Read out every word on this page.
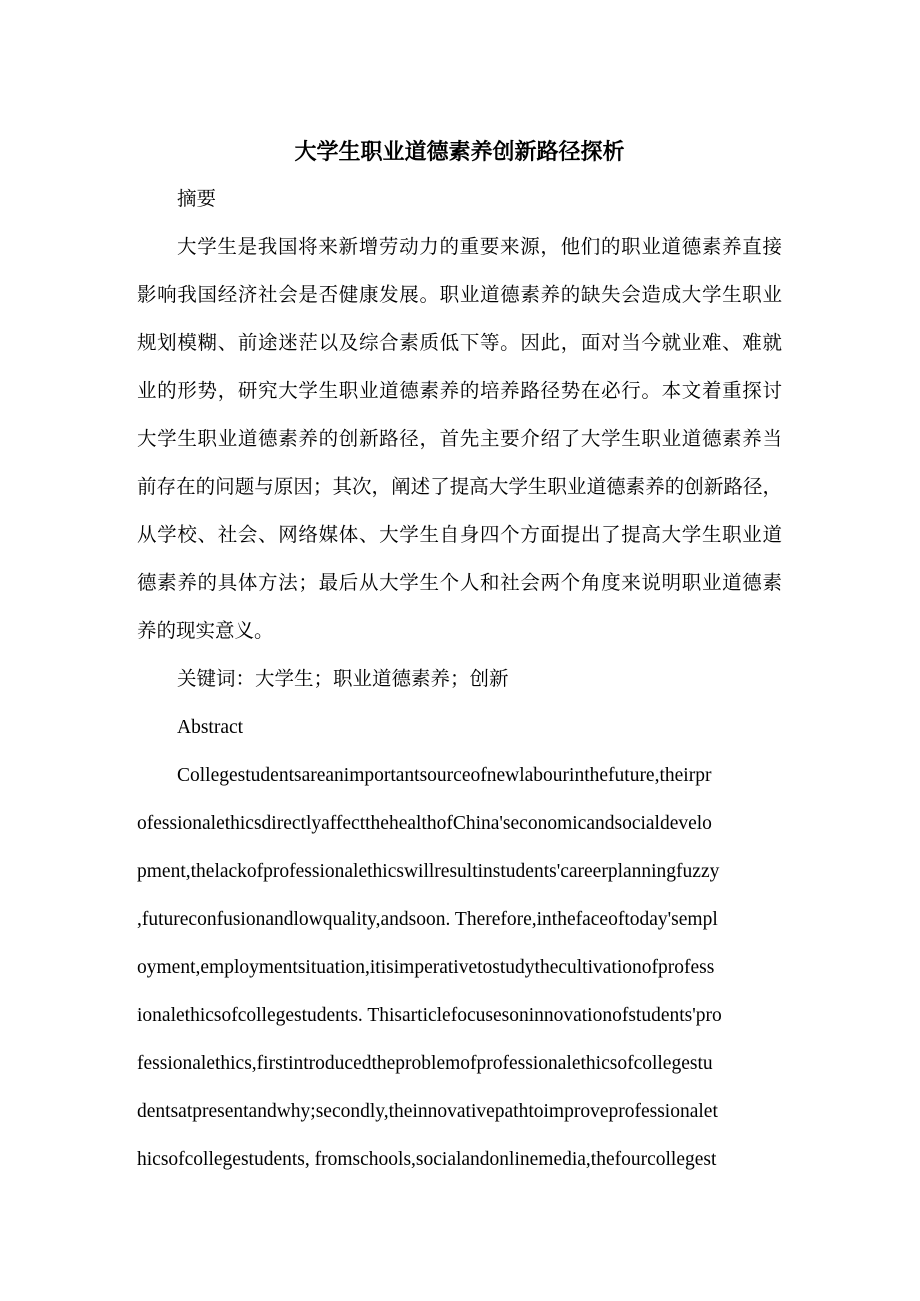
大学生职业道德素养创新路径探析
摘要
大学生是我国将来新增劳动力的重要来源，他们的职业道德素养直接
影响我国经济社会是否健康发展。职业道德素养的缺失会造成大学生职业
规划模糊、前途迷茫以及综合素质低下等。因此，面对当今就业难、难就
业的形势，研究大学生职业道德素养的培养路径势在必行。本文着重探讨
大学生职业道德素养的创新路径，首先主要介绍了大学生职业道德素养当
前存在的问题与原因；其次，阐述了提高大学生职业道德素养的创新路径，
从学校、社会、网络媒体、大学生自身四个方面提出了提高大学生职业道
德素养的具体方法；最后从大学生个人和社会两个角度来说明职业道德素
养的现实意义。
关键词：大学生；职业道德素养；创新
Abstract
Collegestudentsareanimportantsourceofnewlabourinthefuture,theirpr
ofessionalethicsdirectlyaffectthehealthofChina'seconomicandsocialdevelo
pment,thelackofprofessionalethicswillresultinstudents'careerplanningfuzzy
,futureconfusionandlowquality,andsoon. Therefore,inthefaceoftoday'sempl
oyment,employmentsituation,itisimperativetostudythecultivationofprofess
ionalethicsofcollegestudents. Thisarticlefocusesoninnovationofstudents'pro
fessionalethics,firstintroducedtheproblemofprofessionalethicsofcollegestu
dentsatpresentandwhy;secondly,theinnovativepathtoimproveprofessionalet
hicsofcollegestudents, fromschools,socialandonlinemedia,thefourcollegest
